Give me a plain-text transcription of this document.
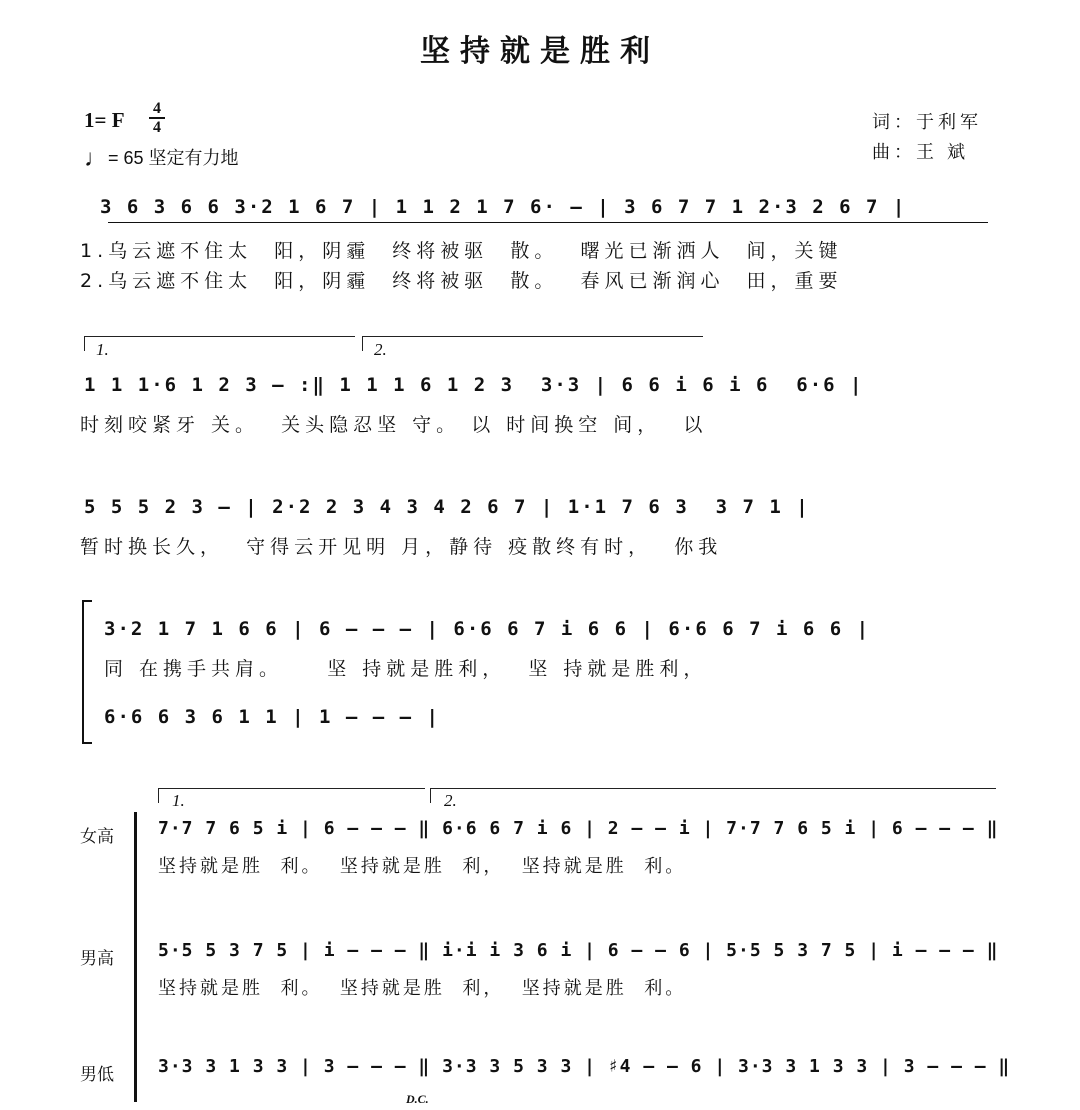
坚持就是胜利
1= F	4
4
♩= 65 坚定有力地
词：于利军
曲：王 斌
3 6 3 6 6 3·2 1 6 7 | 1 1 2 1 7 6· – | 3 6 7 7 1 2·3 2 6 7 |
1.乌云遮不住太  阳，阴霾  终将被驱  散。  曙光已渐洒人  间，关键
2.乌云遮不住太  阳，阴霾  终将被驱  散。  春风已渐润心  田，重要
1.	2.
1 1 1·6 1 2 3 – :‖ 1 1 1 6 1 2 3  3·3 | 6 6 i 6 i 6  6·6 |
时刻咬紧牙 关。  关头隐忍坚 守。 以 时间换空 间，  以
5 5 5 2 3 – | 2·2 2 3 4 3 4 2 6 7 | 1·1 7 6 3  3 7 1 |
暂时换长久，  守得云开见明 月，静待 疫散终有时，  你我
3·2 1 7 1 6 6 | 6 – – – | 6·6 6 7 i 6 6 | 6·6 6 7 i 6 6 |
同 在携手共肩。    坚 持就是胜利，  坚 持就是胜利，
6·6 6 3 6 1 1 | 1 – – – |
1.	2.
女高 7·7 7 6 5 i | 6 – – – ‖ 6·6 6 7 i 6 | 2 – – i | 7·7 7 6 5 i | 6 – – – ‖
坚持就是胜  利。  坚持就是胜  利，  坚持就是胜  利。
男高 5·5 5 3 7 5 | i – – – ‖ i·i i 3 6 i | 6 – – 6 | 5·5 5 3 7 5 | i – – – ‖
坚持就是胜  利。  坚持就是胜  利，  坚持就是胜  利。
男低 3·3 3 1 3 3 | 3 – – – ‖ 3·3 3 5 3 3 | ♯4 – – 6 | 3·3 3 1 3 3 | 3 – – – ‖
D.C.
